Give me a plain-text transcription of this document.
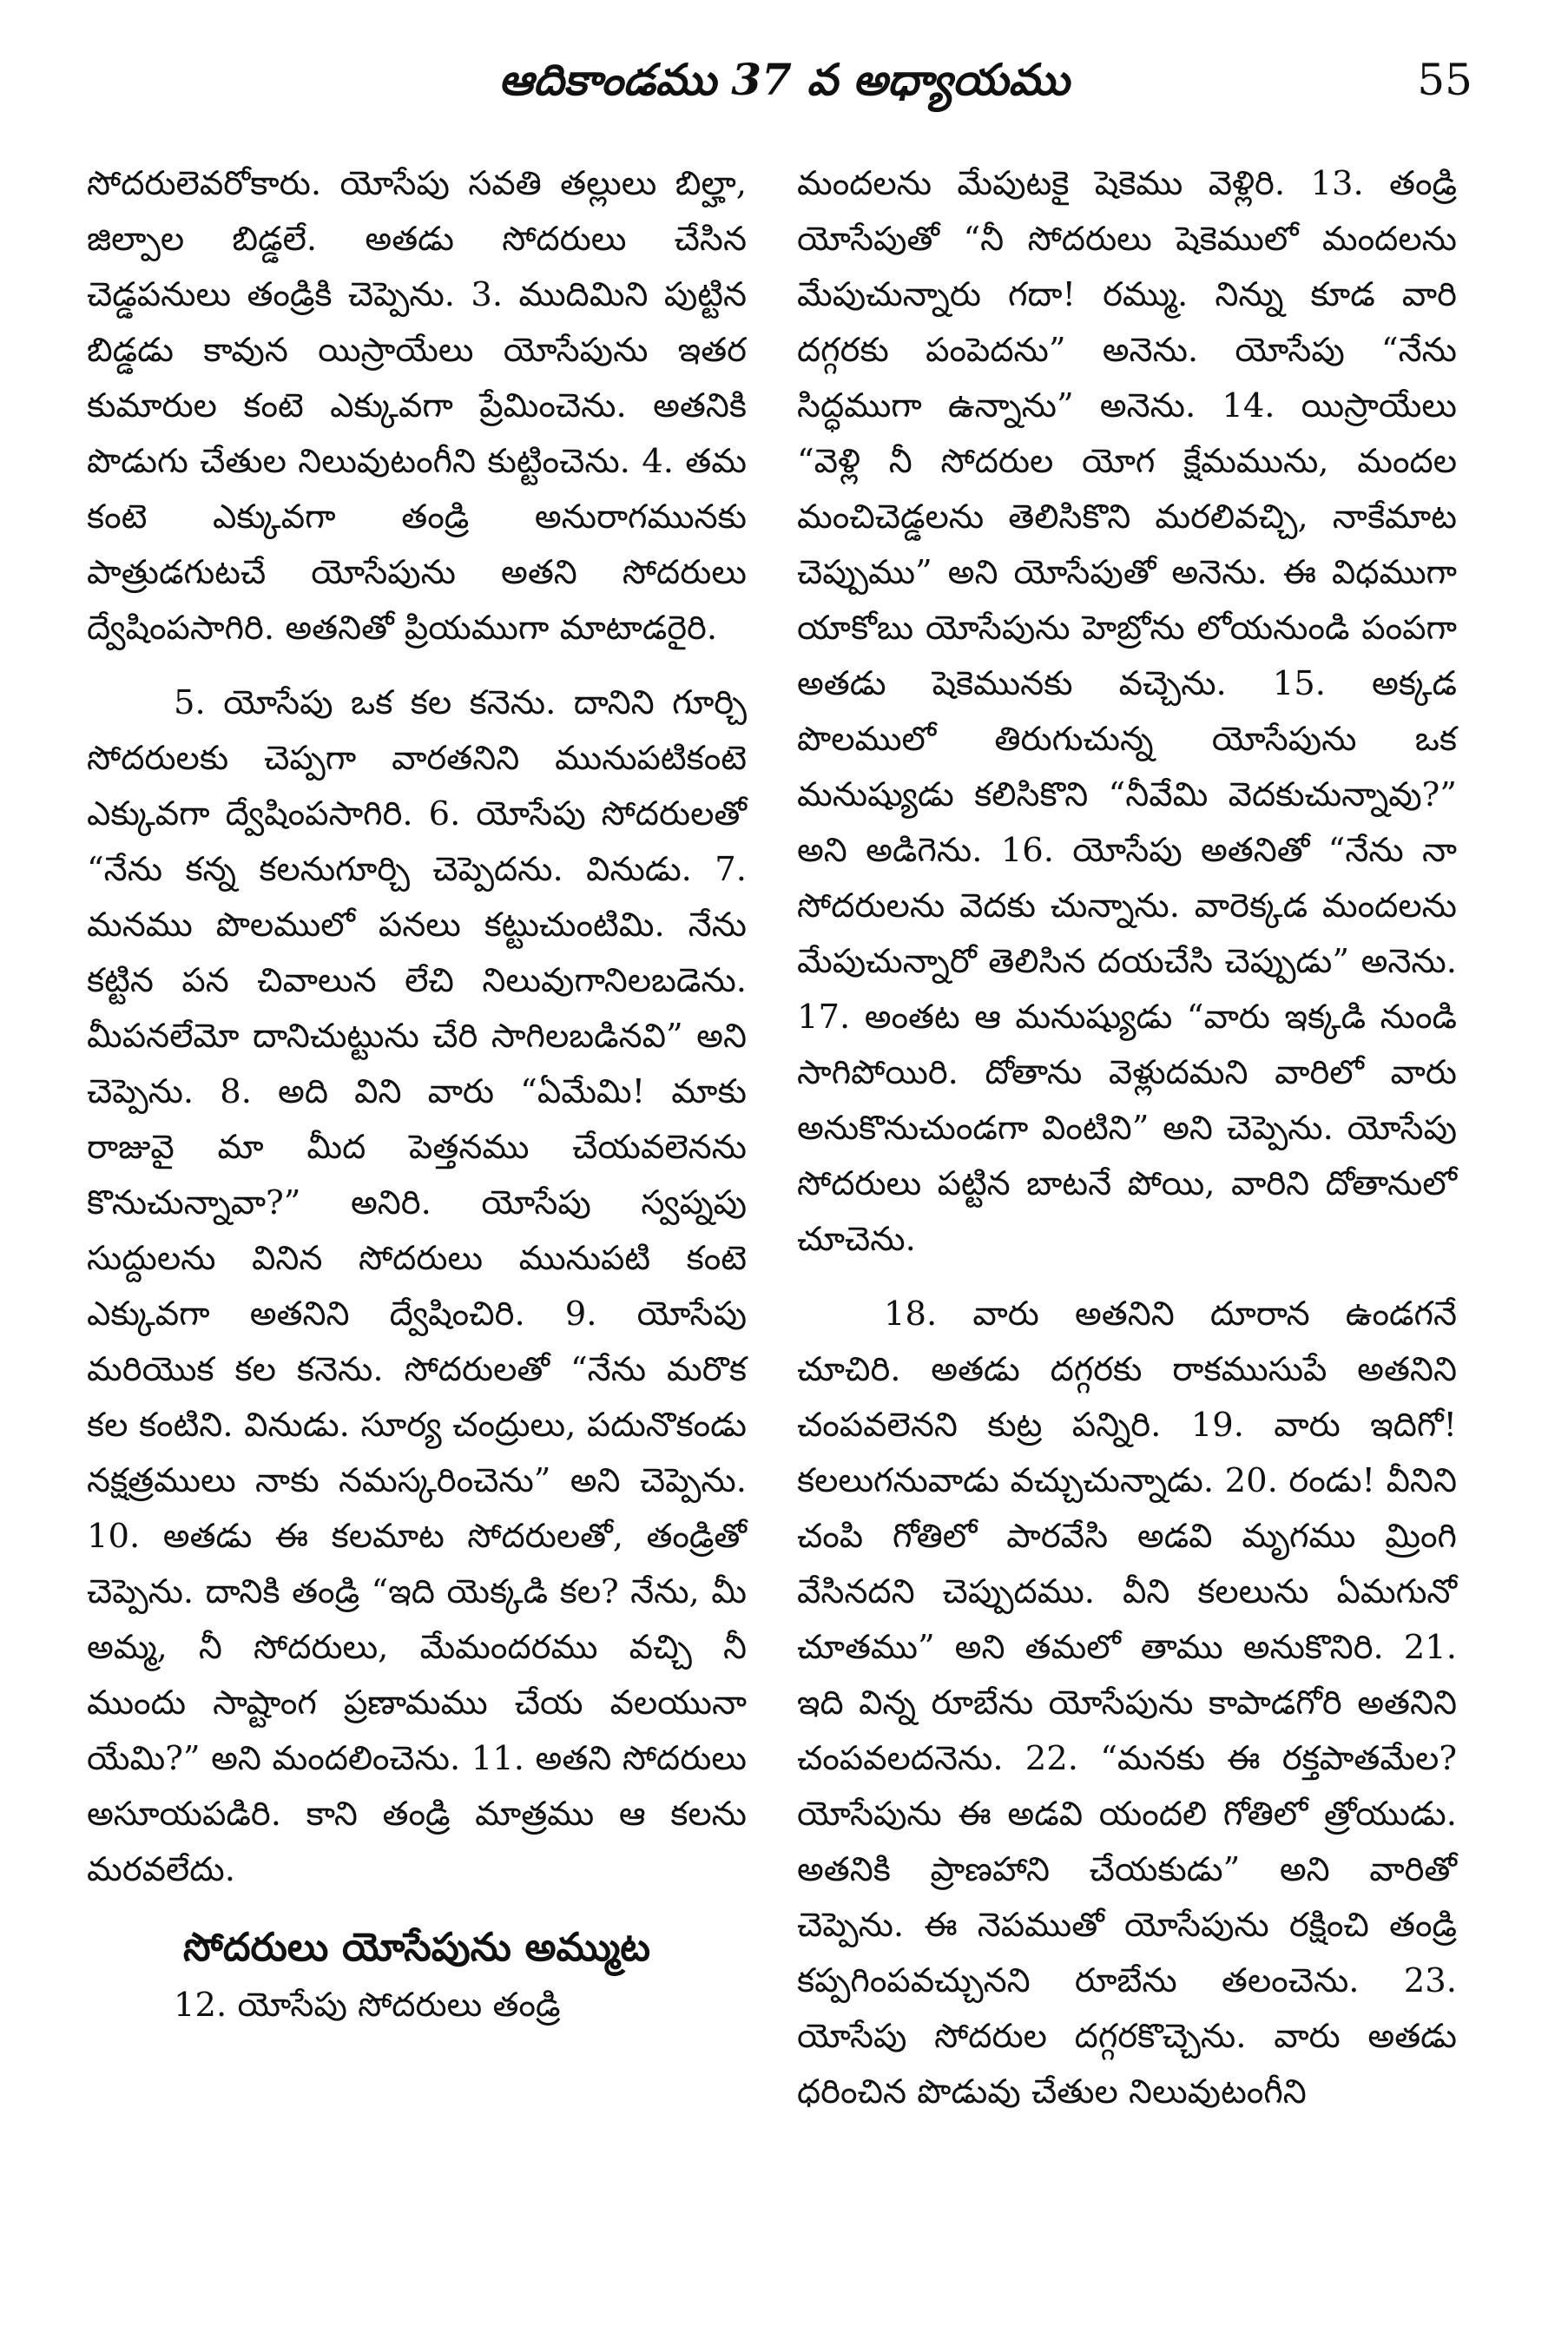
ఆదికాండము 37 వ అధ్యాయము	55

సోదరులెవరోకారు. యోసేపు సవతి తల్లులు బిల్హా, జిల్పాల బిడ్డలే. అతడు సోదరులు చేసిన చెడ్డపనులు తండ్రికి చెప్పెను. 3. ముదిమిని పుట్టిన బిడ్డడు కావున యిస్రాయేలు యోసేపును ఇతర కుమారుల కంటె ఎక్కువగా ప్రేమించెను. అతనికి పొడుగు చేతుల నిలువుటంగీని కుట్టించెను. 4. తమ కంటె ఎక్కువగా తండ్రి అనురాగమునకు పాత్రుడగుటచే యోసేపును అతని సోదరులు ద్వేషింపసాగిరి. అతనితో ప్రియముగా మాటాడరైరి.

5. యోసేపు ఒక కల కనెను. దానిని గూర్చి సోదరులకు చెప్పగా వారతనిని మునుపటికంటె ఎక్కువగా ద్వేషింపసాగిరి. 6. యోసేపు సోదరులతో “నేను కన్న కలనుగూర్చి చెప్పెదను. వినుడు. 7. మనము పొలములో పనలు కట్టుచుంటిమి. నేను కట్టిన పన చివాలున లేచి నిలువుగానిలబడెను. మీపనలేమో దానిచుట్టును చేరి సాగిలబడినవి” అని చెప్పెను. 8. అది విని వారు “ఏమేమి! మాకు రాజువై మా మీద పెత్తనము చేయవలెనను కొనుచున్నావా?” అనిరి. యోసేపు స్వప్నపు సుద్దులను వినిన సోదరులు మునుపటి కంటె ఎక్కువగా అతనిని ద్వేషించిరి. 9. యోసేపు మరియొక కల కనెను. సోదరులతో “నేను మరొక కల కంటిని. వినుడు. సూర్య చంద్రులు, పదునొకండు నక్షత్రములు నాకు నమస్కరించెను” అని చెప్పెను. 10. అతడు ఈ కలమాట సోదరులతో, తండ్రితో చెప్పెను. దానికి తండ్రి “ఇది యెక్కడి కల? నేను, మీ అమ్మ, నీ సోదరులు, మేమందరము వచ్చి నీ ముందు సాష్టాంగ ప్రణామము చేయ వలయునా యేమి?” అని మందలించెను. 11. అతని సోదరులు అసూయపడిరి. కాని తండ్రి మాత్రము ఆ కలను మరవలేదు.

సోదరులు యోసేపును అమ్ముట

12. యోసేపు సోదరులు తండ్రి

మందలను మేపుటకై షెకెము వెళ్లిరి. 13. తండ్రి యోసేపుతో “నీ సోదరులు షెకెములో మందలను మేపుచున్నారు గదా! రమ్ము. నిన్ను కూడ వారి దగ్గరకు పంపెదను” అనెను. యోసేపు “నేను సిద్ధముగా ఉన్నాను” అనెను. 14. యిస్రాయేలు “వెళ్లి నీ సోదరుల యోగ క్షేమమును, మందల మంచిచెడ్డలను తెలిసికొని మరలివచ్చి, నాకేమాట చెప్పుము” అని యోసేపుతో అనెను. ఈ విధముగా యాకోబు యోసేపును హెబ్రోను లోయనుండి పంపగా అతడు షెకెమునకు వచ్చెను. 15. అక్కడ పొలములో తిరుగుచున్న యోసేపును ఒక మనుష్యుడు కలిసికొని “నీవేమి వెదకుచున్నావు?” అని అడిగెను. 16. యోసేపు అతనితో “నేను నా సోదరులను వెదకు చున్నాను. వారెక్కడ మందలను మేపుచున్నారో తెలిసిన దయచేసి చెప్పుడు” అనెను. 17. అంతట ఆ మనుష్యుడు “వారు ఇక్కడి నుండి సాగిపోయిరి. దోతాను వెళ్లుదమని వారిలో వారు అనుకొనుచుండగా వింటిని” అని చెప్పెను. యోసేపు సోదరులు పట్టిన బాటనే పోయి, వారిని దోతానులో చూచెను.

18. వారు అతనిని దూరాన ఉండగనే చూచిరి. అతడు దగ్గరకు రాకముసుపే అతనిని చంపవలెనని కుట్ర పన్నిరి. 19. వారు ఇదిగో! కలలుగనువాడు వచ్చుచున్నాడు. 20. రండు! వీనిని చంపి గోతిలో పారవేసి అడవి మృగము మ్రింగి వేసినదని చెప్పుదము. వీని కలలును ఏమగునో చూతము” అని తమలో తాము అనుకొనిరి. 21. ఇది విన్న రూబేను యోసేపును కాపాడగోరి అతనిని చంపవలదనెను. 22. “మనకు ఈ రక్తపాతమేల? యోసేపును ఈ అడవి యందలి గోతిలో త్రోయుడు. అతనికి ప్రాణహాని చేయకుడు” అని వారితో చెప్పెను. ఈ నెపముతో యోసేపును రక్షించి తండ్రి కప్పగింపవచ్చునని రూబేను తలంచెను. 23. యోసేపు సోదరుల దగ్గరకొచ్చెను. వారు అతడు ధరించిన పొడువు చేతుల నిలువుటంగీని
